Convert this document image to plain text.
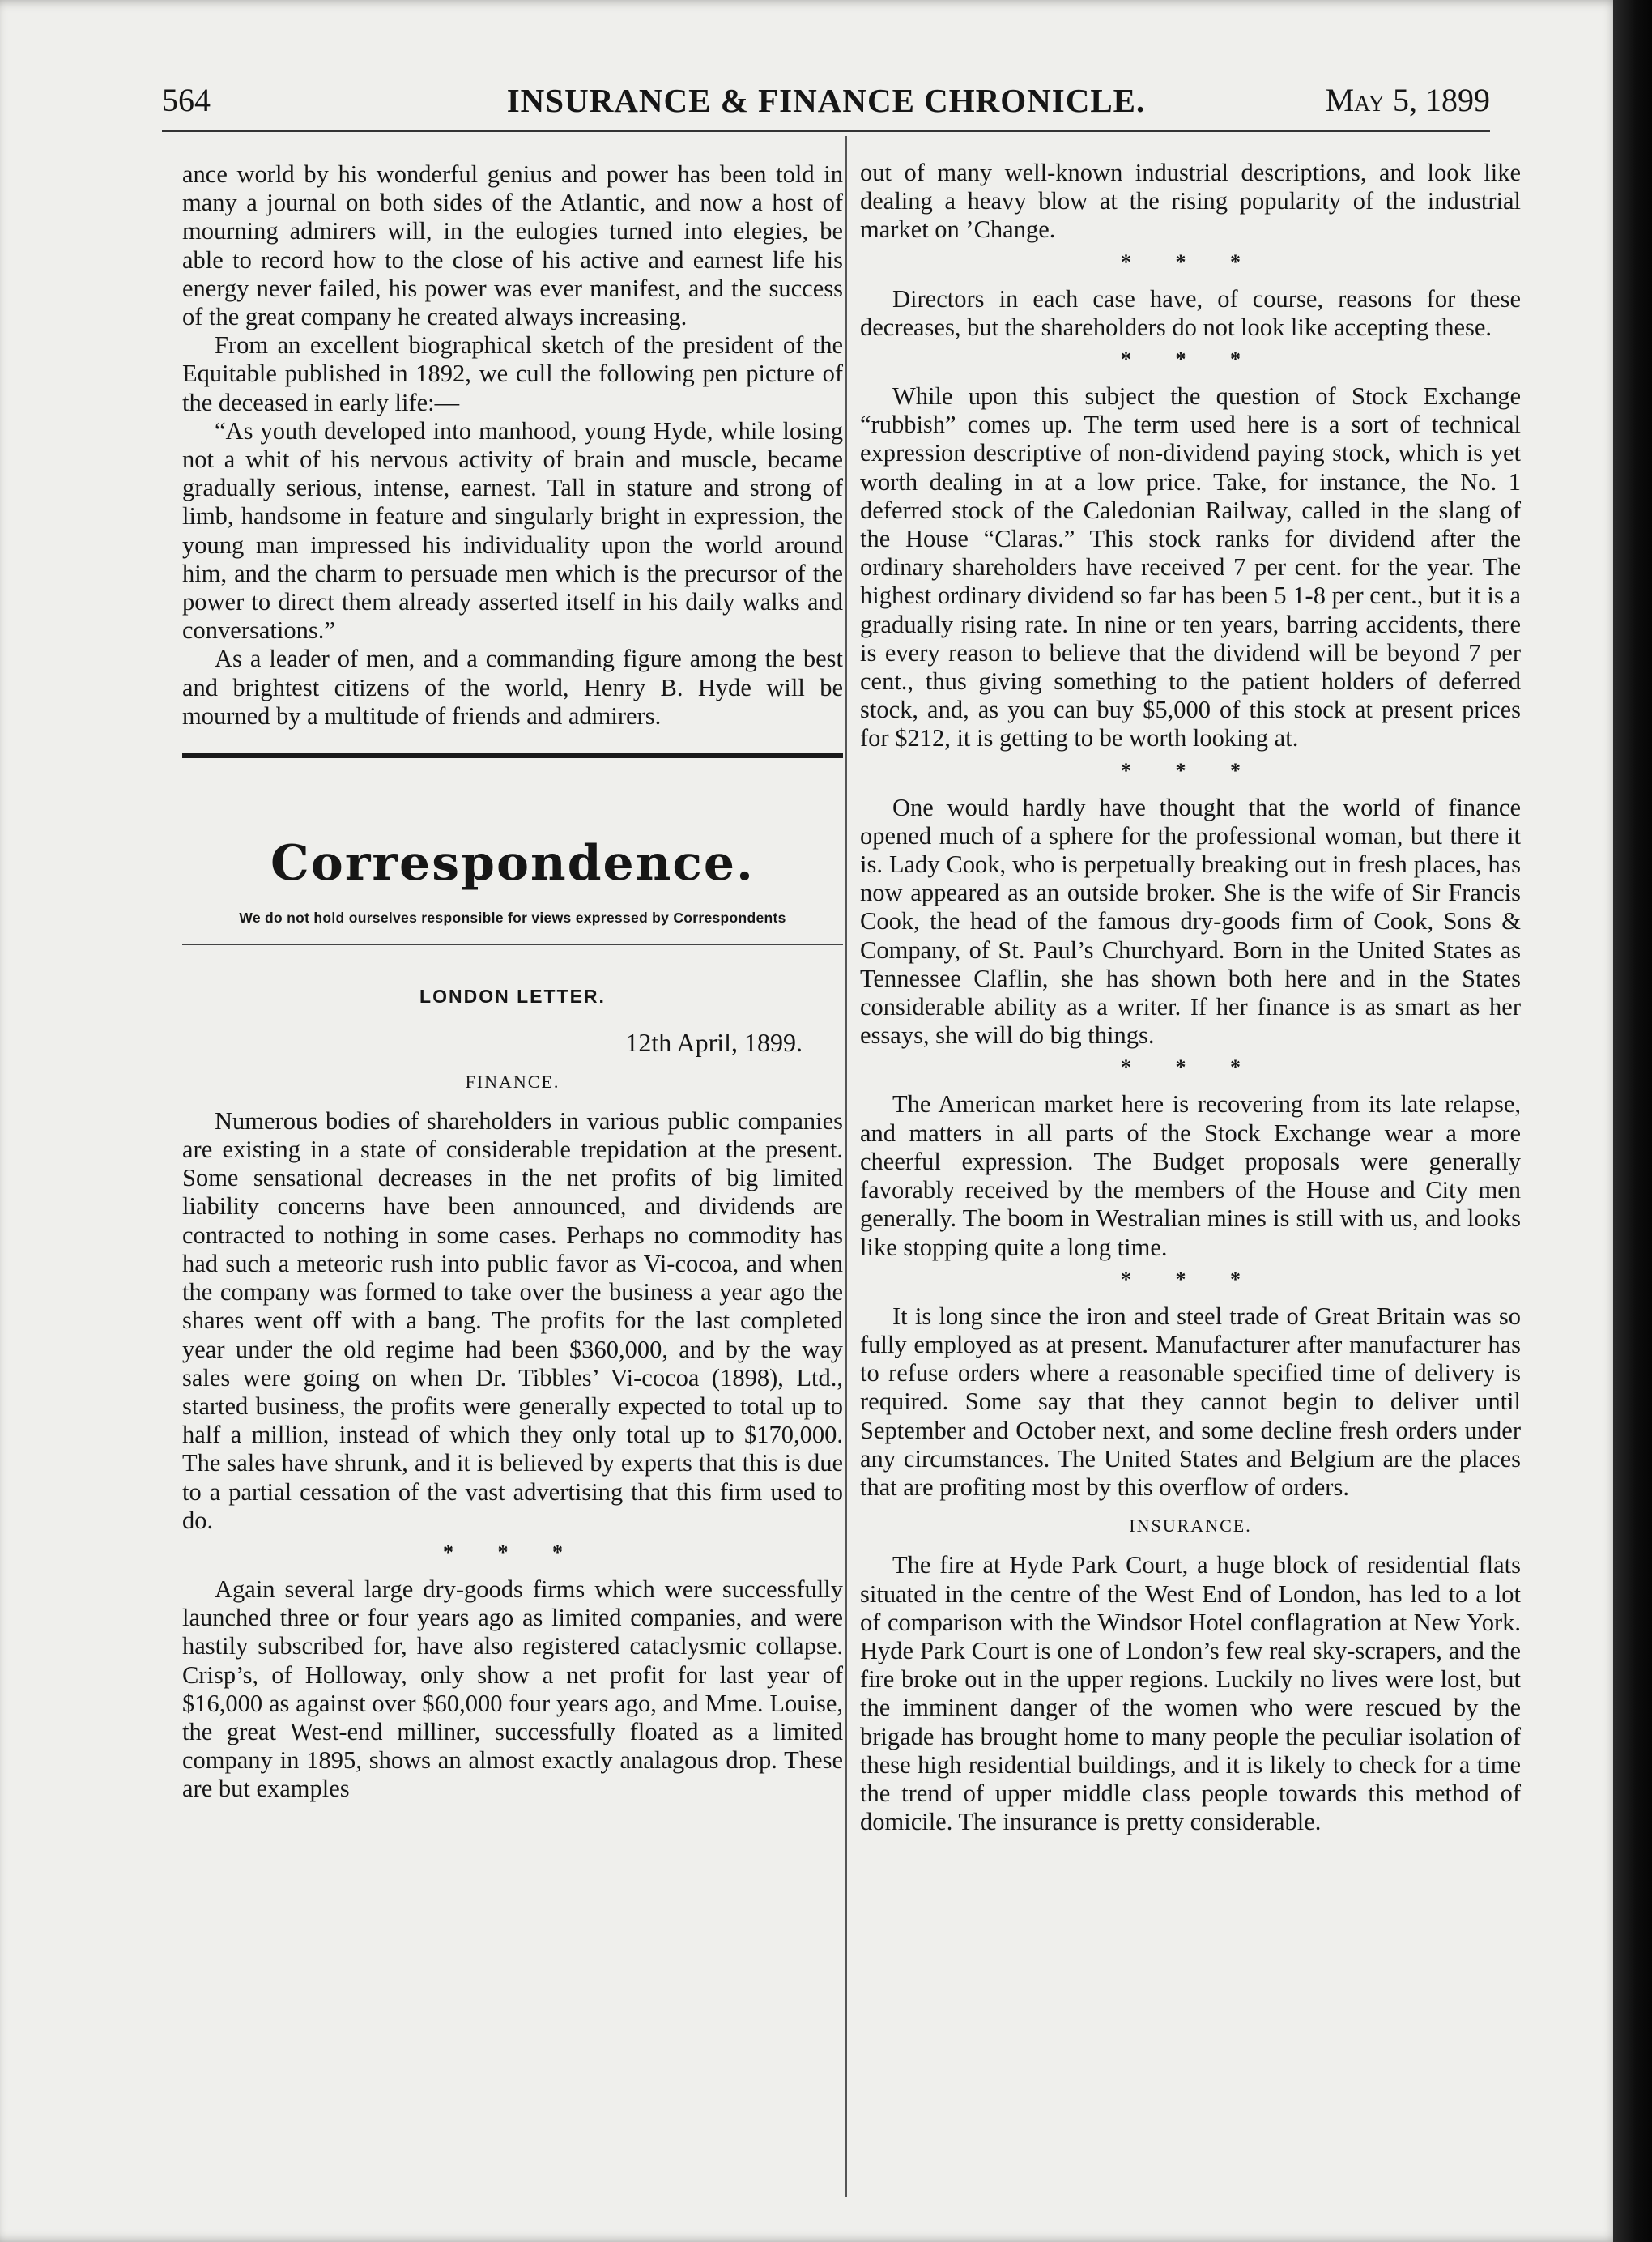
564	INSURANCE & FINANCE CHRONICLE.	May 5, 1899

ance world by his wonderful genius and power has been told in many a journal on both sides of the Atlantic, and now a host of mourning admirers will, in the eulogies turned into elegies, be able to record how to the close of his active and earnest life his energy never failed, his power was ever manifest, and the success of the great company he created always increasing.

From an excellent biographical sketch of the president of the Equitable published in 1892, we cull the following pen picture of the deceased in early life:—

“As youth developed into manhood, young Hyde, while losing not a whit of his nervous activity of brain and muscle, became gradually serious, intense, earnest. Tall in stature and strong of limb, handsome in feature and singularly bright in expression, the young man impressed his individuality upon the world around him, and the charm to persuade men which is the precursor of the power to direct them already asserted itself in his daily walks and conversations.”

As a leader of men, and a commanding figure among the best and brightest citizens of the world, Henry B. Hyde will be mourned by a multitude of friends and admirers.

Correspondence.
We do not hold ourselves responsible for views expressed by Correspondents
LONDON LETTER.
12th April, 1899.
FINANCE.

Numerous bodies of shareholders in various public companies are existing in a state of considerable trepidation at the present. Some sensational decreases in the net profits of big limited liability concerns have been announced, and dividends are contracted to nothing in some cases. Perhaps no commodity has had such a meteoric rush into public favor as Vi-cocoa, and when the company was formed to take over the business a year ago the shares went off with a bang. The profits for the last completed year under the old regime had been $360,000, and by the way sales were going on when Dr. Tibbles’ Vi-cocoa (1898), Ltd., started business, the profits were generally expected to total up to half a million, instead of which they only total up to $170,000. The sales have shrunk, and it is believed by experts that this is due to a partial cessation of the vast advertising that this firm used to do.

* * *

Again several large dry-goods firms which were successfully launched three or four years ago as limited companies, and were hastily subscribed for, have also registered cataclysmic collapse. Crisp’s, of Holloway, only show a net profit for last year of $16,000 as against over $60,000 four years ago, and Mme. Louise, the great West-end milliner, successfully floated as a limited company in 1895, shows an almost exactly analagous drop. These are but examples

out of many well-known industrial descriptions, and look like dealing a heavy blow at the rising popularity of the industrial market on ’Change.

* * *

Directors in each case have, of course, reasons for these decreases, but the shareholders do not look like accepting these.

* * *

While upon this subject the question of Stock Exchange “rubbish” comes up. The term used here is a sort of technical expression descriptive of non-dividend paying stock, which is yet worth dealing in at a low price. Take, for instance, the No. 1 deferred stock of the Caledonian Railway, called in the slang of the House “Claras.” This stock ranks for dividend after the ordinary shareholders have received 7 per cent. for the year. The highest ordinary dividend so far has been 5 1-8 per cent., but it is a gradually rising rate. In nine or ten years, barring accidents, there is every reason to believe that the dividend will be beyond 7 per cent., thus giving something to the patient holders of deferred stock, and, as you can buy $5,000 of this stock at present prices for $212, it is getting to be worth looking at.

* * *

One would hardly have thought that the world of finance opened much of a sphere for the professional woman, but there it is. Lady Cook, who is perpetually breaking out in fresh places, has now appeared as an outside broker. She is the wife of Sir Francis Cook, the head of the famous dry-goods firm of Cook, Sons & Company, of St. Paul’s Churchyard. Born in the United States as Tennessee Claflin, she has shown both here and in the States considerable ability as a writer. If her finance is as smart as her essays, she will do big things.

* * *

The American market here is recovering from its late relapse, and matters in all parts of the Stock Exchange wear a more cheerful expression. The Budget proposals were generally favorably received by the members of the House and City men generally. The boom in Westralian mines is still with us, and looks like stopping quite a long time.

* * *

It is long since the iron and steel trade of Great Britain was so fully employed as at present. Manufacturer after manufacturer has to refuse orders where a reasonable specified time of delivery is required. Some say that they cannot begin to deliver until September and October next, and some decline fresh orders under any circumstances. The United States and Belgium are the places that are profiting most by this overflow of orders.

INSURANCE.

The fire at Hyde Park Court, a huge block of residential flats situated in the centre of the West End of London, has led to a lot of comparison with the Windsor Hotel conflagration at New York. Hyde Park Court is one of London’s few real sky-scrapers, and the fire broke out in the upper regions. Luckily no lives were lost, but the imminent danger of the women who were rescued by the brigade has brought home to many people the peculiar isolation of these high residential buildings, and it is likely to check for a time the trend of upper middle class people towards this method of domicile. The insurance is pretty considerable.
